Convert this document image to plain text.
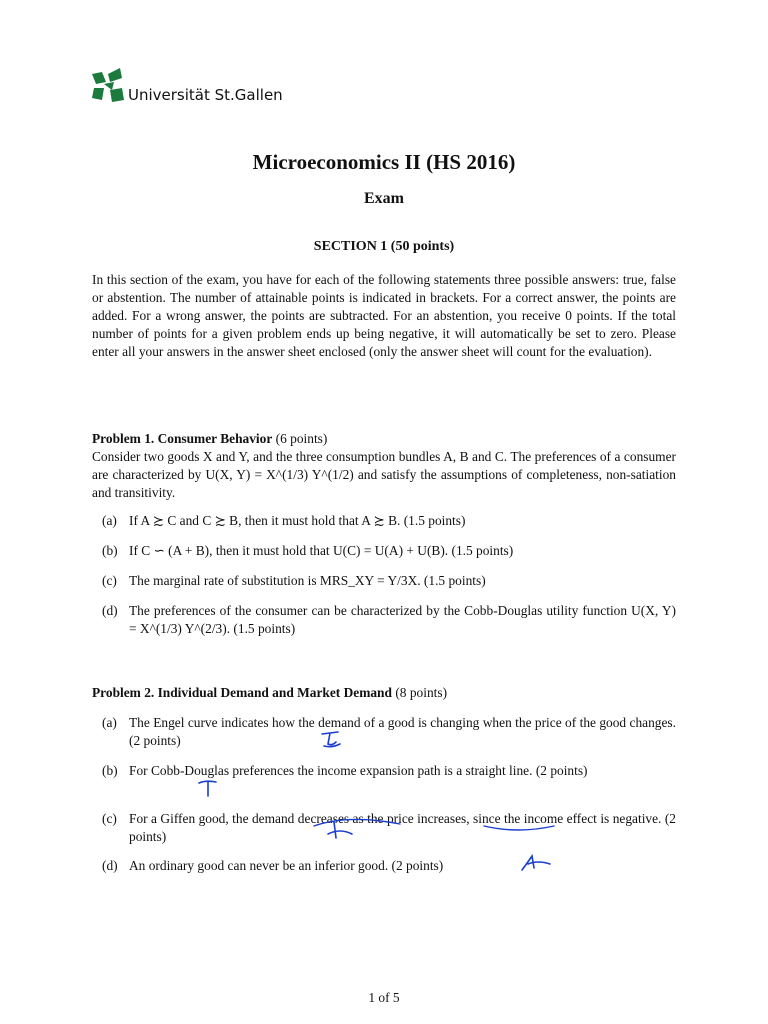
Universität St.Gallen
Microeconomics II (HS 2016)
Exam
SECTION 1 (50 points)
In this section of the exam, you have for each of the following statements three possible answers: true, false or abstention. The number of attainable points is indicated in brackets. For a correct answer, the points are added. For a wrong answer, the points are subtracted. For an abstention, you receive 0 points. If the total number of points for a given problem ends up being negative, it will automatically be set to zero. Please enter all your answers in the answer sheet enclosed (only the answer sheet will count for the evaluation).
Problem 1. Consumer Behavior (6 points)
Consider two goods X and Y, and the three consumption bundles A, B and C. The preferences of a consumer are characterized by U(X, Y) = X^(1/3) Y^(1/2) and satisfy the assumptions of completeness, non-satiation and transitivity.
(a) If A ≿ C and C ≿ B, then it must hold that A ≿ B. (1.5 points)
(b) If C ∽ (A + B), then it must hold that U(C) = U(A) + U(B). (1.5 points)
(c) The marginal rate of substitution is MRS_XY = Y/3X. (1.5 points)
(d) The preferences of the consumer can be characterized by the Cobb-Douglas utility function U(X, Y) = X^(1/3) Y^(2/3). (1.5 points)
Problem 2. Individual Demand and Market Demand (8 points)
(a) The Engel curve indicates how the demand of a good is changing when the price of the good changes. (2 points)
(b) For Cobb-Douglas preferences the income expansion path is a straight line. (2 points)
(c) For a Giffen good, the demand decreases as the price increases, since the income effect is negative. (2 points)
(d) An ordinary good can never be an inferior good. (2 points)
1 of 5
